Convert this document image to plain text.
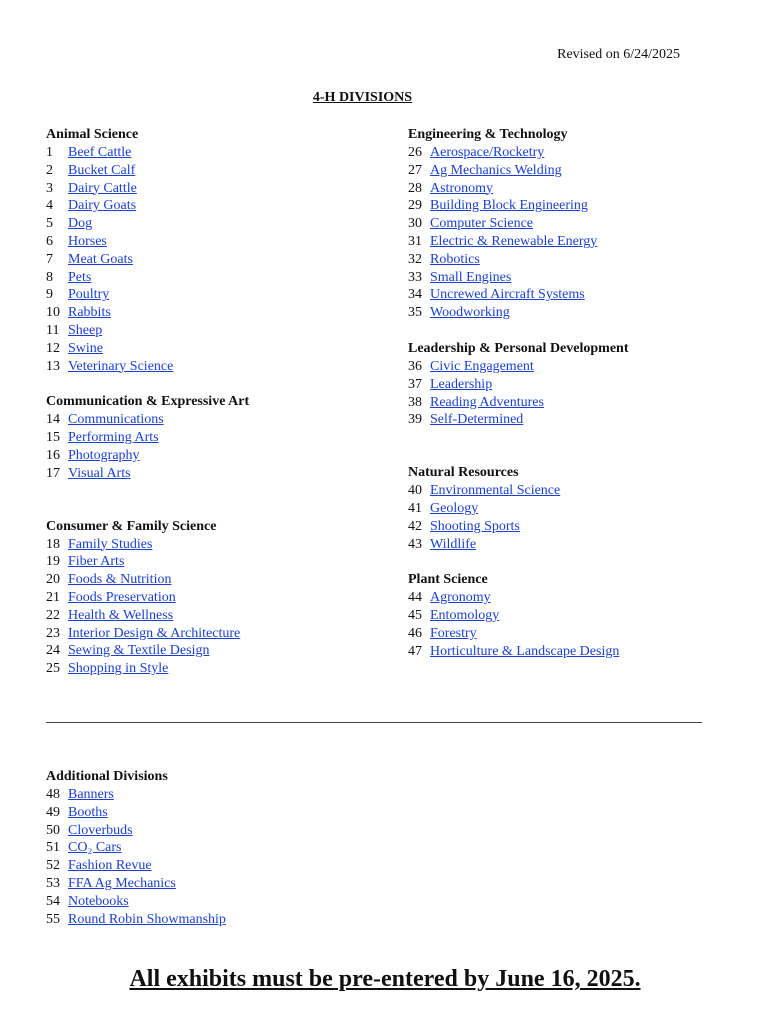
Revised on 6/24/2025
4-H DIVISIONS
Animal Science
1 Beef Cattle
2 Bucket Calf
3 Dairy Cattle
4 Dairy Goats
5 Dog
6 Horses
7 Meat Goats
8 Pets
9 Poultry
10 Rabbits
11 Sheep
12 Swine
13 Veterinary Science
Communication & Expressive Art
14 Communications
15 Performing Arts
16 Photography
17 Visual Arts
Consumer & Family Science
18 Family Studies
19 Fiber Arts
20 Foods & Nutrition
21 Foods Preservation
22 Health & Wellness
23 Interior Design & Architecture
24 Sewing & Textile Design
25 Shopping in Style
Engineering & Technology
26 Aerospace/Rocketry
27 Ag Mechanics Welding
28 Astronomy
29 Building Block Engineering
30 Computer Science
31 Electric & Renewable Energy
32 Robotics
33 Small Engines
34 Uncrewed Aircraft Systems
35 Woodworking
Leadership & Personal Development
36 Civic Engagement
37 Leadership
38 Reading Adventures
39 Self-Determined
Natural Resources
40 Environmental Science
41 Geology
42 Shooting Sports
43 Wildlife
Plant Science
44 Agronomy
45 Entomology
46 Forestry
47 Horticulture & Landscape Design
Additional Divisions
48 Banners
49 Booths
50 Cloverbuds
51 CO₂ Cars
52 Fashion Revue
53 FFA Ag Mechanics
54 Notebooks
55 Round Robin Showmanship
All exhibits must be pre-entered by June 16, 2025.
